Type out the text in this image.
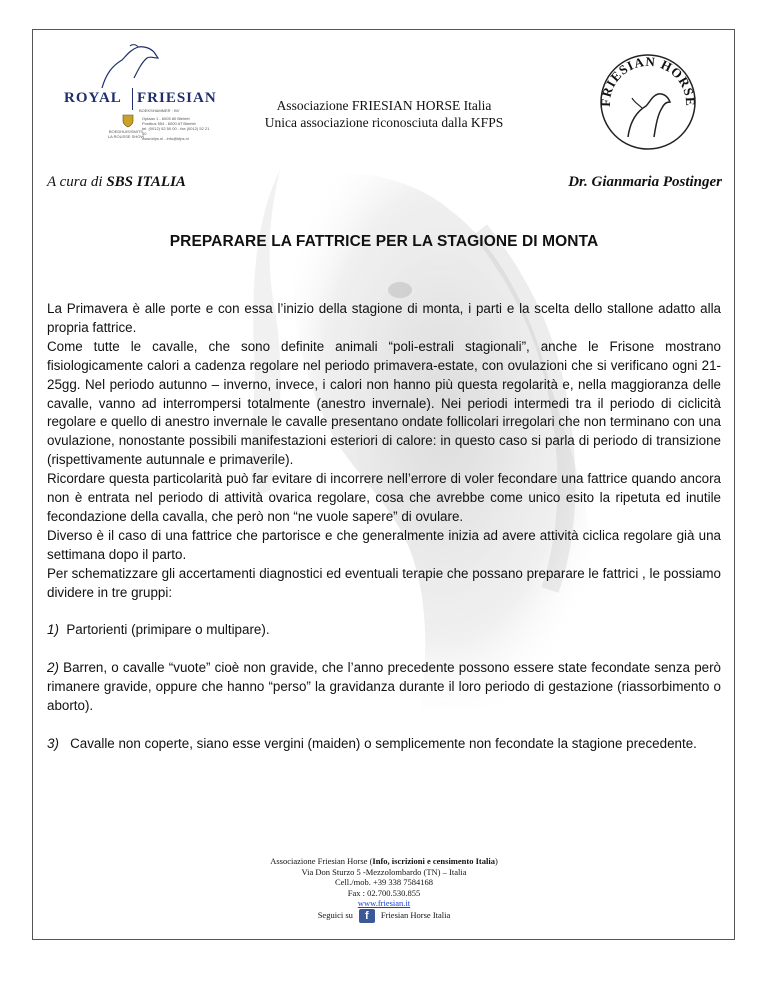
ROYAL FRIESIAN
BOEKSHAMMER · BV
Oplaan 1 - 6005 80 Bleiriet
Postbus 554 - 6000 AT Bleiriet
tel. (0012) 52 50 00 - fax (0012) 52 21 40
www.kfps.nl - info@kfps.nl
BOEDHUIS/SMITS
LA ROUSSE SHOW
Associazione FRIESIAN HORSE Italia
Unica associazione riconosciuta dalla KFPS
FRIESIAN HORSE
A cura di SBS ITALIA	Dr. Gianmaria Postinger
PREPARARE LA FATTRICE PER LA STAGIONE DI MONTA

La Primavera è alle porte e con essa l’inizio della stagione di monta, i parti e la scelta dello stallone adatto alla propria fattrice.

Come tutte le cavalle, che sono definite animali “poli-estrali stagionali”, anche le Frisone mostrano fisiologicamente calori a cadenza regolare nel periodo primavera-estate, con ovulazioni che si verificano ogni 21-25gg. Nel periodo autunno – inverno, invece, i calori non hanno più questa regolarità e, nella maggioranza delle cavalle, vanno ad interrompersi totalmente (anestro invernale). Nei periodi intermedi tra il periodo di ciclicità regolare e quello di anestro invernale le cavalle presentano ondate follicolari irregolari che non terminano con una ovulazione, nonostante possibili manifestazioni esteriori di calore: in questo caso si parla di periodo di transizione (rispettivamente autunnale e primaverile).

Ricordare questa particolarità può far evitare di incorrere nell’errore di voler fecondare una fattrice quando ancora non è entrata nel periodo di attività ovarica regolare, cosa che avrebbe come unico esito la ripetuta ed inutile fecondazione della cavalla, che però non “ne vuole sapere” di ovulare.

Diverso è il caso di una fattrice che partorisce e che generalmente inizia ad avere attività ciclica regolare già una settimana dopo il parto.

Per schematizzare gli accertamenti diagnostici ed eventuali terapie che possano preparare le fattrici , le possiamo dividere in tre gruppi:

1) Partorienti (primipare o multipare).

2) Barren, o cavalle “vuote” cioè non gravide, che l’anno precedente possono essere state fecondate senza però rimanere gravide, oppure che hanno “perso” la gravidanza durante il loro periodo di gestazione (riassorbimento o aborto).

3) Cavalle non coperte, siano esse vergini (maiden) o semplicemente non fecondate la stagione precedente.

Associazione Friesian Horse (Info, iscrizioni e censimento Italia)
Via Don Sturzo 5 -Mezzolombardo (TN) – Italia
Cell./mob. +39 338 7584168
Fax : 02.700.530.855
www.friesian.it
Seguici su f Friesian Horse Italia
